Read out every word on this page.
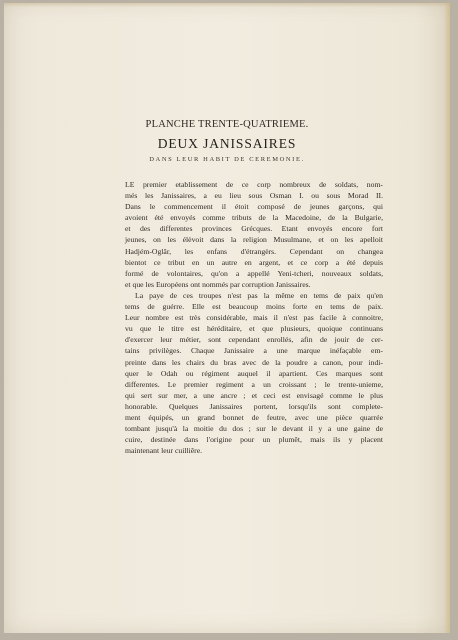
PLANCHE TRENTE-QUATRIEME.
DEUX JANISSAIRES
DANS LEUR HABIT DE CEREMONIE.
LE premier etablissement de ce corp nombreux de soldats, nom-
més les Janissaires, a eu lieu sous Osman I. ou sous Morad II.
Dans le commencement il étoit composé de jeunes garçons, qui
avoient été envoyés comme tributs de la Macedoine, de la Bulgarie,
et des differentes provinces Grécques. Etant envoyés encore fort
jeunes, on les élèvoit dans la religion Musulmane, et on les apelloit
Hadjém-Oglâr, les enfans d'étrangèrs. Cependant on changea
bientot ce tribut en un autre en argent, et ce corp a été depuis
formé de volontaires, qu'on a appellé Yeni-tcheri, nouveaux soldats,
et que les Européens ont nommés par corruption Janissaires.
La paye de ces troupes n'est pas la même en tems de paix qu'en
tems de guérre. Elle est beaucoup moins forte en tems de paix.
Leur nombre est très considérable, mais il n'est pas facile à connoitre,
vu que le titre est héréditaire, et que plusieurs, quoique continuans
d'exercer leur métier, sont cependant enrollés, afin de jouir de cer-
tains privilèges. Chaque Janissaire a une marque inéfaçable em-
preinte dans les chairs du bras avec de la poudre a canon, pour indi-
quer le Odah ou régiment auquel il apartient. Ces marques sont
differentes. Le premier regiment a un croissant ; le trente-unieme,
qui sert sur mer, a une ancre ; et ceci est envisagé comme le plus
honorable. Quelques Janissaires portent, lorsqu'ils sont complete-
ment équipés, un grand bonnet de feutre, avec une pièce quarrée
tombant jusqu'à la moitie du dos ; sur le devant il y a une gaine de
cuire, destinée dans l'origine pour un plumêt, mais ils y placent
maintenant leur cuilliêre.
